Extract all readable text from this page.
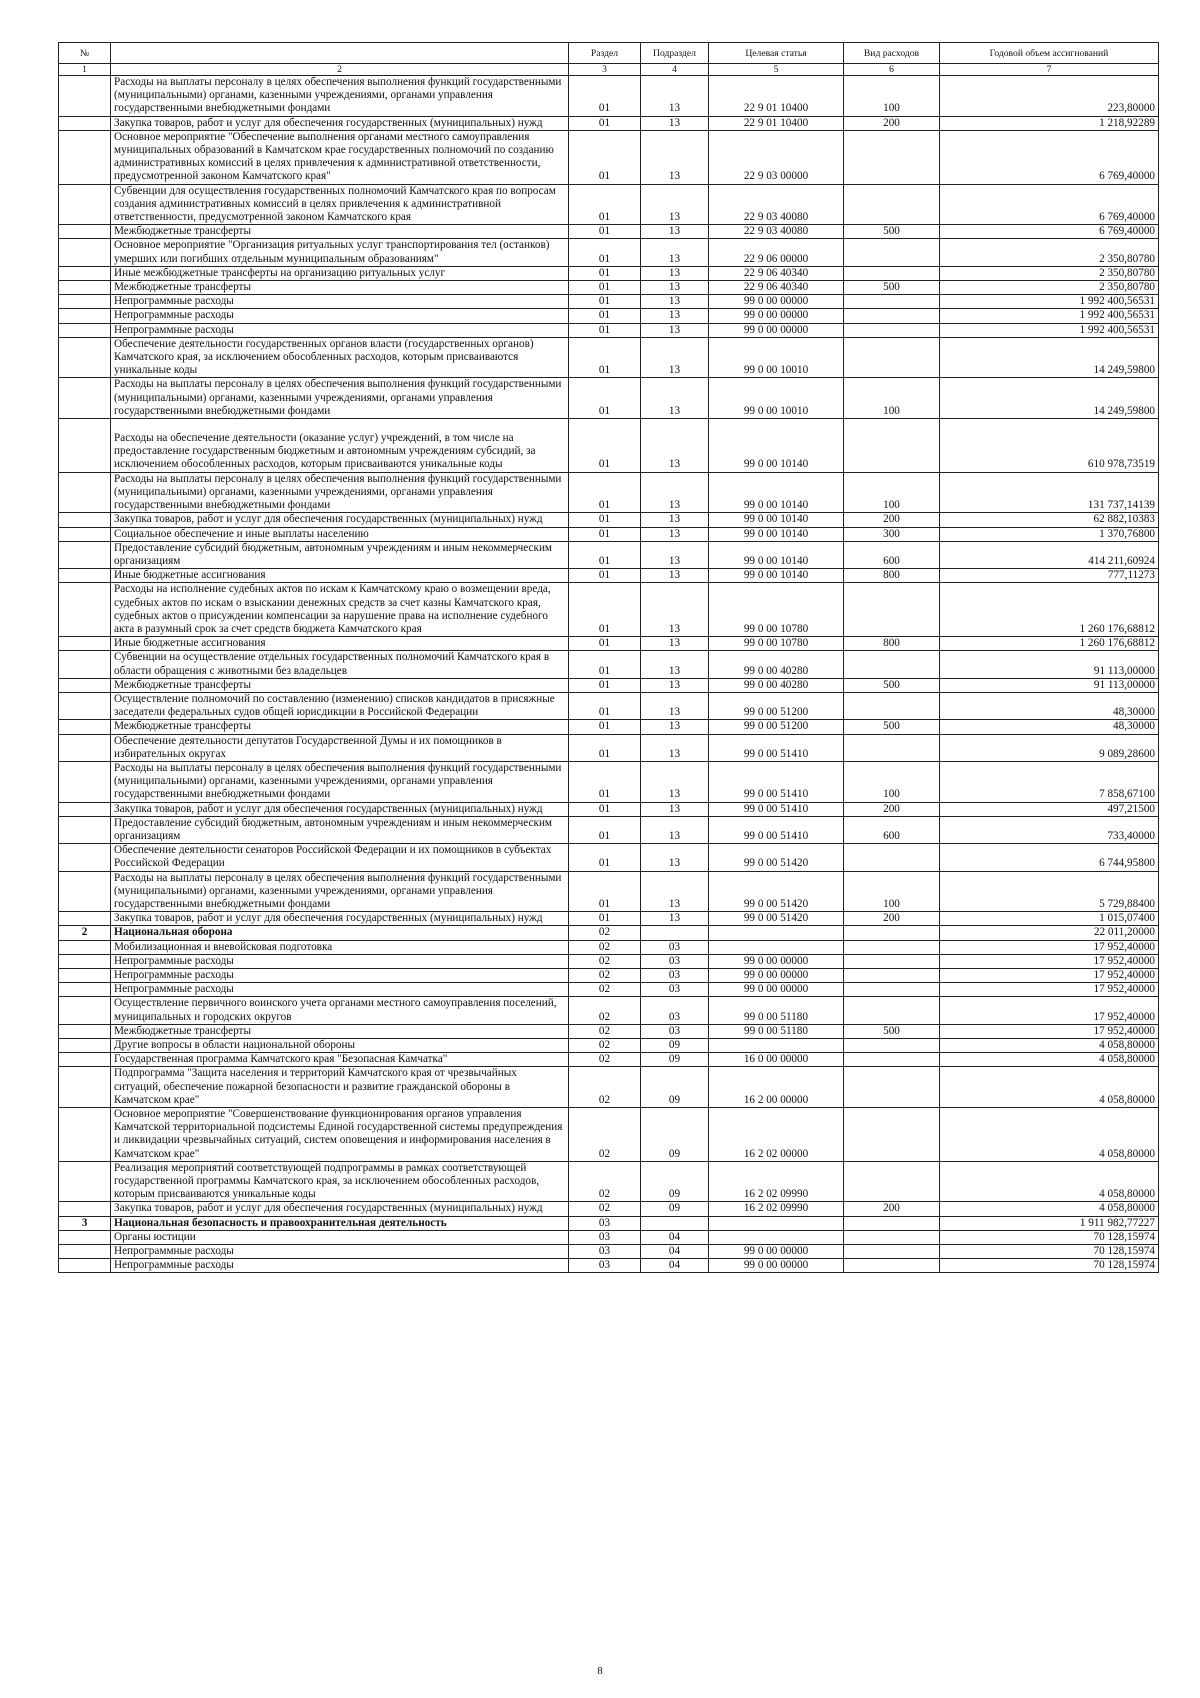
№		Раздел	Подраздел	Целевая статья	Вид расходов	Годовой объем ассигнований
1	2	3	4	5	6	7
	Расходы на выплаты персоналу в целях обеспечения выполнения функций государственными (муниципальными) органами, казенными учреждениями, органами управления государственными внебюджетными фондами	01	13	22 9 01 10400	100	223,80000
	Закупка товаров, работ и услуг для обеспечения государственных (муниципальных) нужд	01	13	22 9 01 10400	200	1 218,92289
	Основное мероприятие "Обеспечение выполнения органами местного самоуправления муниципальных образований в Камчатском крае государственных полномочий по созданию административных комиссий в целях привлечения к административной ответственности, предусмотренной законом Камчатского края"	01	13	22 9 03 00000		6 769,40000
	Субвенции для осуществления государственных полномочий Камчатского края по вопросам создания административных комиссий в целях привлечения к административной ответственности, предусмотренной законом Камчатского края	01	13	22 9 03 40080		6 769,40000
	Межбюджетные трансферты	01	13	22 9 03 40080	500	6 769,40000
	Основное мероприятие "Организация ритуальных услуг транспортирования тел (останков) умерших или погибших отдельным муниципальным образованиям"	01	13	22 9 06 00000		2 350,80780
	Иные межбюджетные трансферты на организацию ритуальных услуг	01	13	22 9 06 40340		2 350,80780
	Межбюджетные трансферты	01	13	22 9 06 40340	500	2 350,80780
	Непрограммные расходы	01	13	99 0 00 00000		1 992 400,56531
	Непрограммные расходы	01	13	99 0 00 00000		1 992 400,56531
	Непрограммные расходы	01	13	99 0 00 00000		1 992 400,56531
	Обеспечение деятельности государственных органов власти (государственных органов) Камчатского края, за исключением обособленных расходов, которым присваиваются уникальные коды	01	13	99 0 00 10010		14 249,59800
	Расходы на выплаты персоналу в целях обеспечения выполнения функций государственными (муниципальными) органами, казенными учреждениями, органами управления государственными внебюджетными фондами	01	13	99 0 00 10010	100	14 249,59800
	Расходы на обеспечение деятельности (оказание услуг) учреждений, в том числе на предоставление государственным бюджетным и автономным учреждениям субсидий, за исключением обособленных расходов, которым присваиваются уникальные коды	01	13	99 0 00 10140		610 978,73519
	Расходы на выплаты персоналу в целях обеспечения выполнения функций государственными (муниципальными) органами, казенными учреждениями, органами управления государственными внебюджетными фондами	01	13	99 0 00 10140	100	131 737,14139
	Закупка товаров, работ и услуг для обеспечения государственных (муниципальных) нужд	01	13	99 0 00 10140	200	62 882,10383
	Социальное обеспечение и иные выплаты населению	01	13	99 0 00 10140	300	1 370,76800
	Предоставление субсидий бюджетным, автономным учреждениям и иным некоммерческим организациям	01	13	99 0 00 10140	600	414 211,60924
	Иные бюджетные ассигнования	01	13	99 0 00 10140	800	777,11273
	Расходы на исполнение судебных актов по искам к Камчатскому краю о возмещении вреда, судебных актов по искам о взыскании денежных средств за счет казны Камчатского края, судебных актов о присуждении компенсации за нарушение права на исполнение судебного акта в разумный срок за счет средств бюджета Камчатского края	01	13	99 0 00 10780		1 260 176,68812
	Иные бюджетные ассигнования	01	13	99 0 00 10780	800	1 260 176,68812
	Субвенции на осуществление отдельных государственных полномочий Камчатского края в области обращения с животными без владельцев	01	13	99 0 00 40280		91 113,00000
	Межбюджетные трансферты	01	13	99 0 00 40280	500	91 113,00000
	Осуществление полномочий по составлению (изменению) списков кандидатов в присяжные заседатели федеральных судов общей юрисдикции в Российской Федерации	01	13	99 0 00 51200		48,30000
	Межбюджетные трансферты	01	13	99 0 00 51200	500	48,30000
	Обеспечение деятельности депутатов Государственной Думы и их помощников в избирательных округах	01	13	99 0 00 51410		9 089,28600
	Расходы на выплаты персоналу в целях обеспечения выполнения функций государственными (муниципальными) органами, казенными учреждениями, органами управления государственными внебюджетными фондами	01	13	99 0 00 51410	100	7 858,67100
	Закупка товаров, работ и услуг для обеспечения государственных (муниципальных) нужд	01	13	99 0 00 51410	200	497,21500
	Предоставление субсидий бюджетным, автономным учреждениям и иным некоммерческим организациям	01	13	99 0 00 51410	600	733,40000
	Обеспечение деятельности сенаторов Российской Федерации и их помощников в субъектах Российской Федерации	01	13	99 0 00 51420		6 744,95800
	Расходы на выплаты персоналу в целях обеспечения выполнения функций государственными (муниципальными) органами, казенными учреждениями, органами управления государственными внебюджетными фондами	01	13	99 0 00 51420	100	5 729,88400
	Закупка товаров, работ и услуг для обеспечения государственных (муниципальных) нужд	01	13	99 0 00 51420	200	1 015,07400
2	Национальная оборона	02				22 011,20000
	Мобилизационная и вневойсковая подготовка	02	03			17 952,40000
	Непрограммные расходы	02	03	99 0 00 00000		17 952,40000
	Непрограммные расходы	02	03	99 0 00 00000		17 952,40000
	Непрограммные расходы	02	03	99 0 00 00000		17 952,40000
	Осуществление первичного воинского учета органами местного самоуправления поселений, муниципальных и городских округов	02	03	99 0 00 51180		17 952,40000
	Межбюджетные трансферты	02	03	99 0 00 51180	500	17 952,40000
	Другие вопросы в области национальной обороны	02	09			4 058,80000
	Государственная программа Камчатского края "Безопасная Камчатка"	02	09	16 0 00 00000		4 058,80000
	Подпрограмма "Защита населения и территорий Камчатского края от чрезвычайных ситуаций, обеспечение пожарной безопасности и развитие гражданской обороны в Камчатском крае"	02	09	16 2 00 00000		4 058,80000
	Основное мероприятие "Совершенствование функционирования органов управления Камчатской территориальной подсистемы Единой государственной системы предупреждения и ликвидации чрезвычайных ситуаций, систем оповещения и информирования населения в Камчатском крае"	02	09	16 2 02 00000		4 058,80000
	Реализация мероприятий соответствующей подпрограммы в рамках соответствующей государственной программы Камчатского края, за исключением обособленных расходов, которым присваиваются уникальные коды	02	09	16 2 02 09990		4 058,80000
	Закупка товаров, работ и услуг для обеспечения государственных (муниципальных) нужд	02	09	16 2 02 09990	200	4 058,80000
3	Национальная безопасность и правоохранительная деятельность	03				1 911 982,77227
	Органы юстиции	03	04			70 128,15974
	Непрограммные расходы	03	04	99 0 00 00000		70 128,15974
	Непрограммные расходы	03	04	99 0 00 00000		70 128,15974
8
